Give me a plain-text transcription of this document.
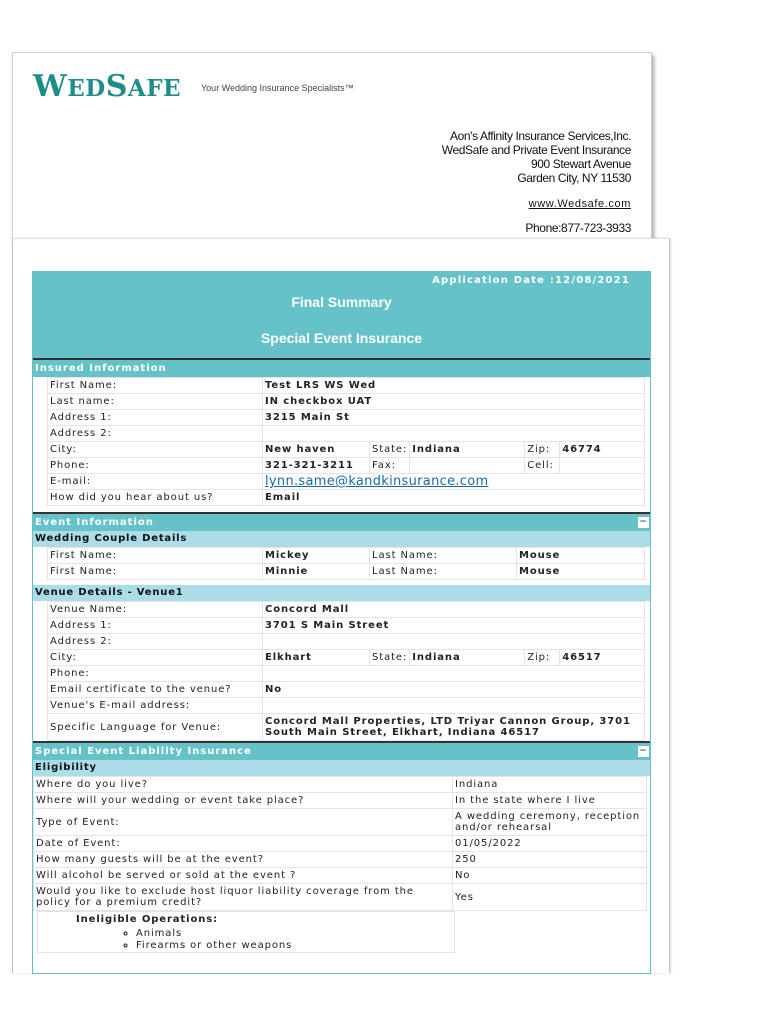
WEDSAFE Your Wedding Insurance Specialists™
Aon's Affinity Insurance Services,Inc.
WedSafe and Private Event Insurance
900 Stewart Avenue
Garden City, NY 11530
www.Wedsafe.com
Phone:877-723-3933
Application Date :12/08/2021
Final Summary
Special Event Insurance
Insured Information
First Name:	Test LRS WS Wed				
Last name:	IN checkbox UAT				
Address 1:	3215 Main St				
Address 2:					
City:	New haven	State:	Indiana	Zip:	46774
Phone:	321-321-3211	Fax:		Cell:	
E-mail:	lynn.same@kandkinsurance.com				
How did you hear about us?	Email				
Event Information	−
Wedding Couple Details
First Name:	Mickey	Last Name:	Mouse
First Name:	Minnie	Last Name:	Mouse
Venue Details - Venue1
Venue Name:	Concord Mall				
Address 1:	3701 S Main Street				
Address 2:					
City:	Elkhart	State:	Indiana	Zip:	46517
Phone:					
Email certificate to the venue?	No				
Venue's E-mail address:					
Specific Language for Venue:	Concord Mall Properties, LTD Triyar Cannon Group, 3701 South Main Street, Elkhart, Indiana 46517				
Special Event Liability Insurance	−
Eligibility
Where do you live?	Indiana
Where will your wedding or event take place?	In the state where I live
Type of Event:	A wedding ceremony, reception and/or rehearsal
Date of Event:	01/05/2022
How many guests will be at the event?	250
Will alcohol be served or sold at the event ?	No
Would you like to exclude host liquor liability coverage from the policy for a premium credit?	Yes
Ineligible Operations:
◦ Animals
◦ Firearms or other weapons
